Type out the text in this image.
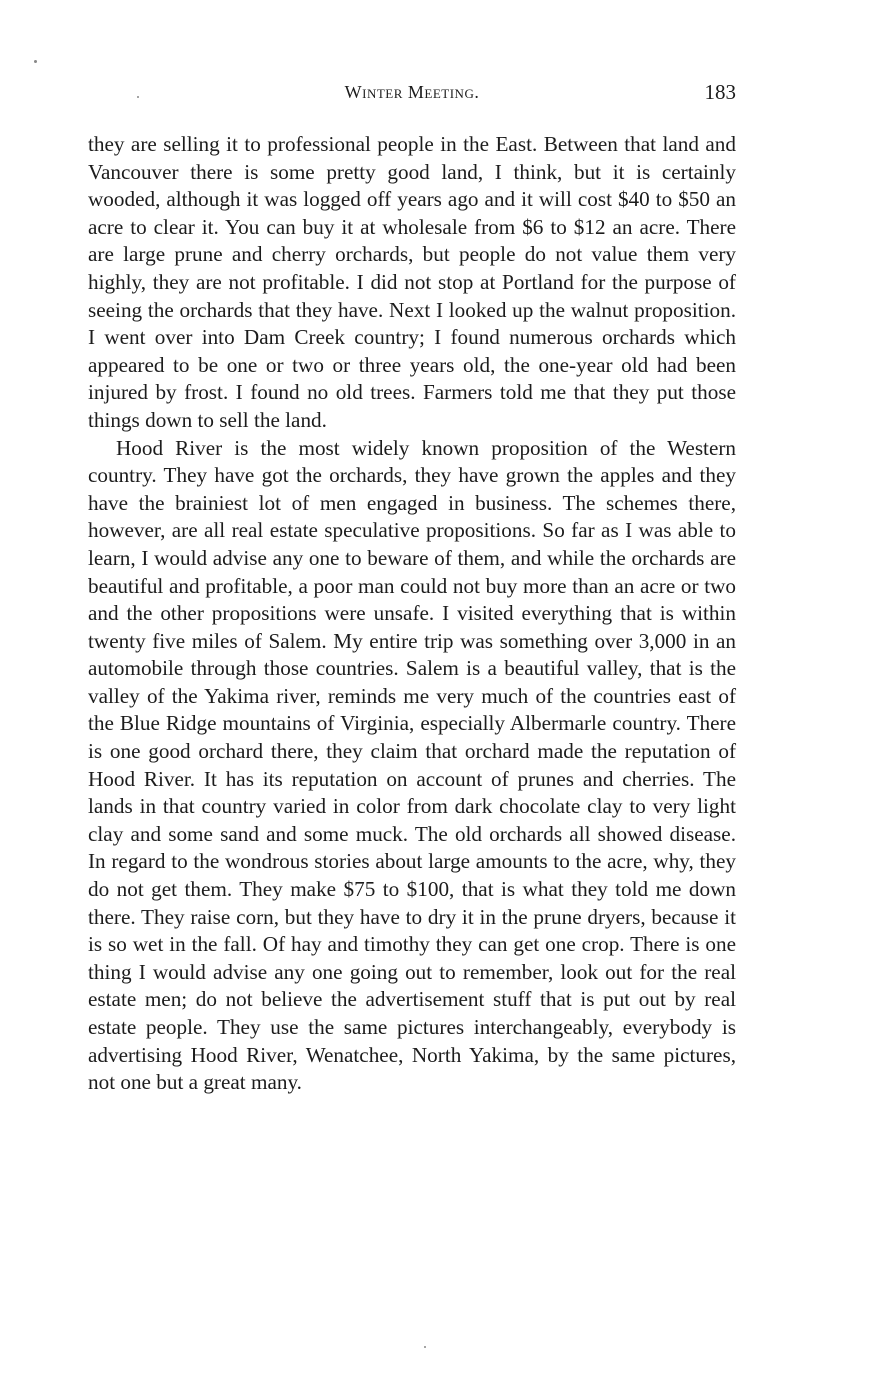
Winter Meeting.	183

they are selling it to professional people in the East. Between that land and Vancouver there is some pretty good land, I think, but it is certainly wooded, although it was logged off years ago and it will cost $40 to $50 an acre to clear it. You can buy it at wholesale from $6 to $12 an acre. There are large prune and cherry orchards, but people do not value them very highly, they are not profitable. I did not stop at Portland for the purpose of seeing the orchards that they have. Next I looked up the walnut proposition. I went over into Dam Creek country; I found numerous orchards which appeared to be one or two or three years old, the one-year old had been injured by frost. I found no old trees. Farmers told me that they put those things down to sell the land.

Hood River is the most widely known proposition of the Western country. They have got the orchards, they have grown the apples and they have the brainiest lot of men engaged in business. The schemes there, however, are all real estate speculative propositions. So far as I was able to learn, I would advise any one to beware of them, and while the orchards are beautiful and profitable, a poor man could not buy more than an acre or two and the other propositions were unsafe. I visited everything that is within twenty five miles of Salem. My entire trip was something over 3,000 in an automobile through those countries. Salem is a beautiful valley, that is the valley of the Yakima river, reminds me very much of the countries east of the Blue Ridge mountains of Virginia, especially Albermarle country. There is one good orchard there, they claim that orchard made the reputation of Hood River. It has its reputation on account of prunes and cherries. The lands in that country varied in color from dark chocolate clay to very light clay and some sand and some muck. The old orchards all showed disease. In regard to the wondrous stories about large amounts to the acre, why, they do not get them. They make $75 to $100, that is what they told me down there. They raise corn, but they have to dry it in the prune dryers, because it is so wet in the fall. Of hay and timothy they can get one crop. There is one thing I would advise any one going out to remember, look out for the real estate men; do not believe the advertisement stuff that is put out by real estate people. They use the same pictures interchangeably, everybody is advertising Hood River, Wenatchee, North Yakima, by the same pictures, not one but a great many.
